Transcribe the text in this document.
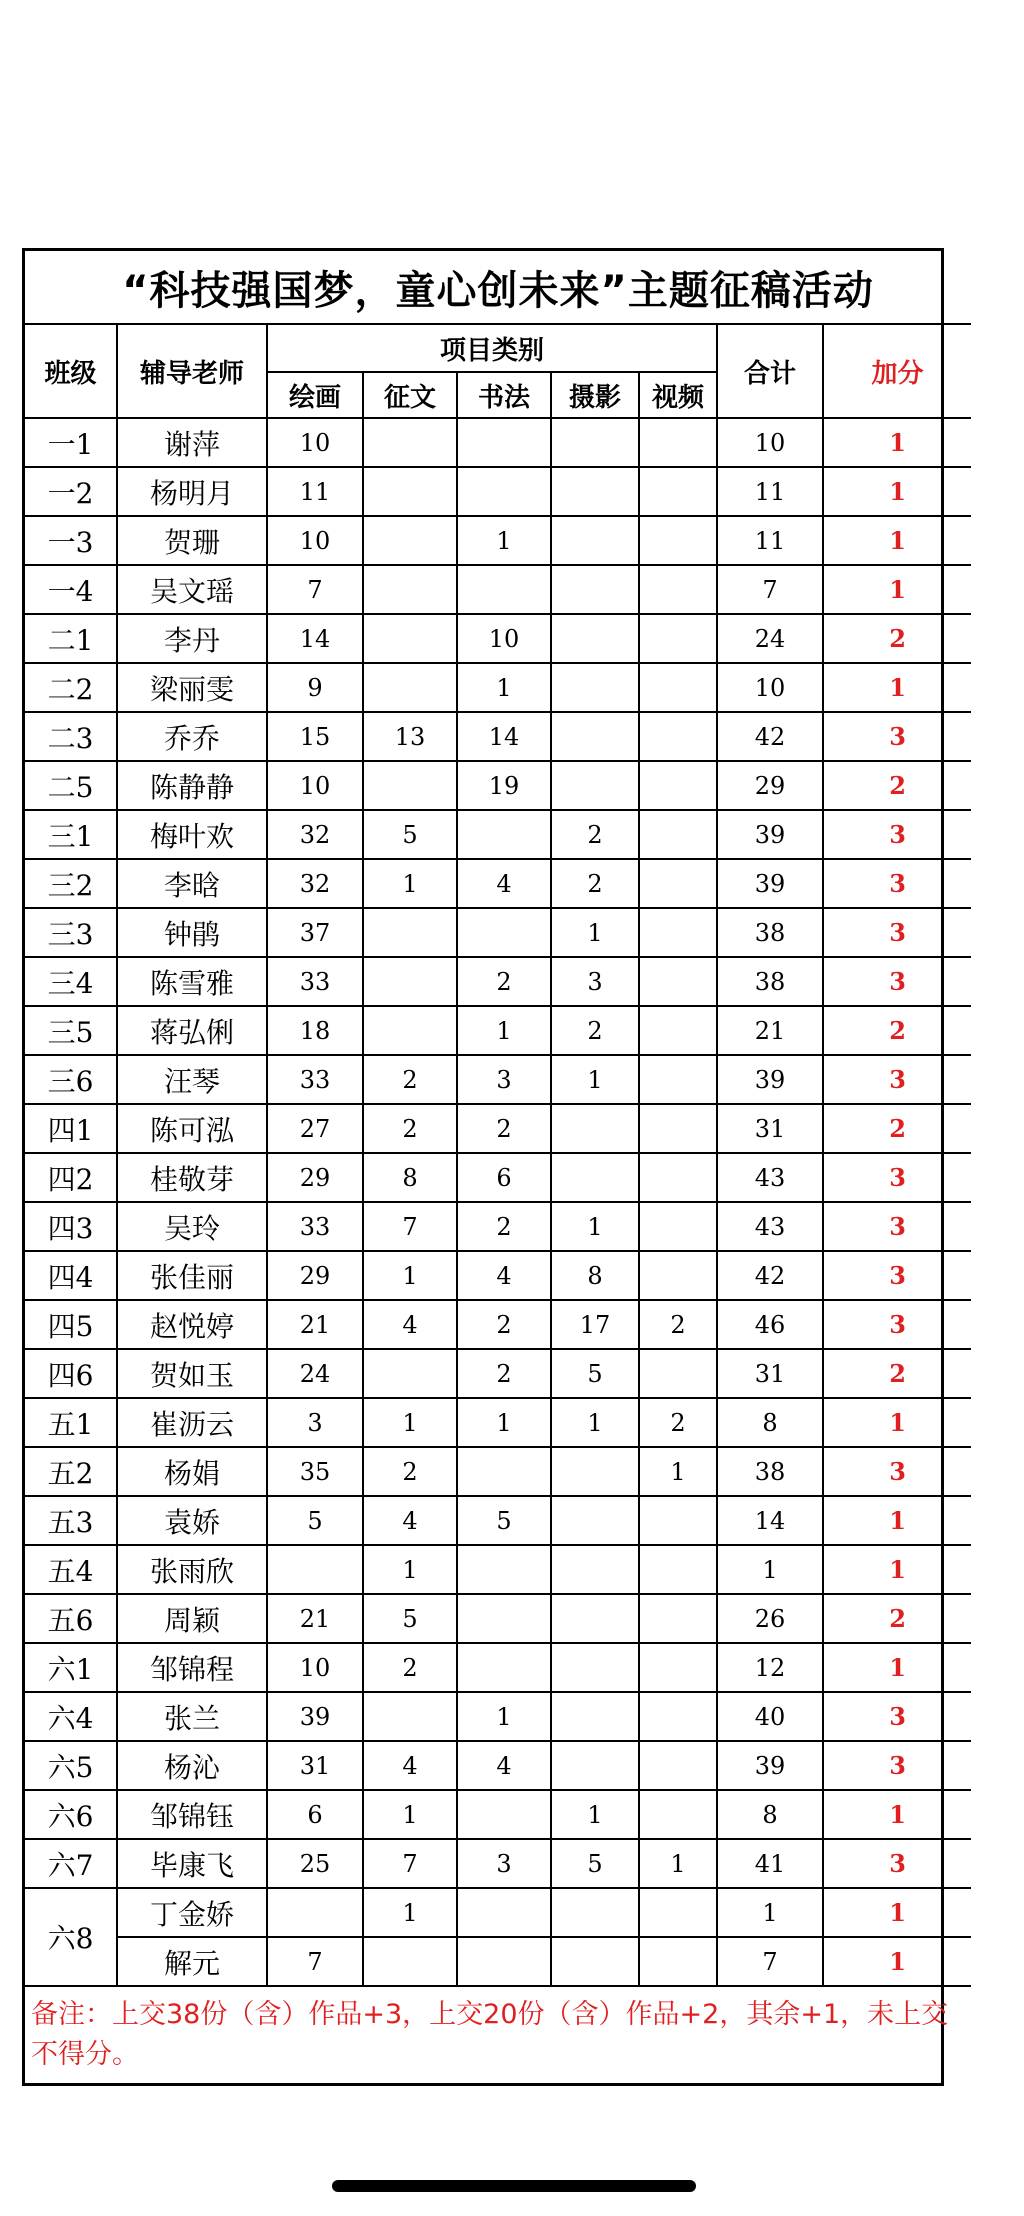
“科技强国梦，童心创未来”主题征稿活动								
班级	辅导老师	项目类别					合计	加分
		绘画	征文	书法	摄影	视频		
一1	谢萍	10					10	1
一2	杨明月	11					11	1
一3	贺珊	10		1			11	1
一4	吴文瑶	7					7	1
二1	李丹	14		10			24	2
二2	梁丽雯	9		1			10	1
二3	乔乔	15	13	14			42	3
二5	陈静静	10		19			29	2
三1	梅叶欢	32	5		2		39	3
三2	李晗	32	1	4	2		39	3
三3	钟鹃	37			1		38	3
三4	陈雪雅	33		2	3		38	3
三5	蒋弘俐	18		1	2		21	2
三6	汪琴	33	2	3	1		39	3
四1	陈可泓	27	2	2			31	2
四2	桂敬芽	29	8	6			43	3
四3	吴玲	33	7	2	1		43	3
四4	张佳丽	29	1	4	8		42	3
四5	赵悦婷	21	4	2	17	2	46	3
四6	贺如玉	24		2	5		31	2
五1	崔沥云	3	1	1	1	2	8	1
五2	杨娟	35	2			1	38	3
五3	袁娇	5	4	5			14	1
五4	张雨欣		1				1	1
五6	周颖	21	5				26	2
六1	邹锦程	10	2				12	1
六4	张兰	39		1			40	3
六5	杨沁	31	4	4			39	3
六6	邹锦钰	6	1		1		8	1
六7	毕康飞	25	7	3	5	1	41	3
六8	丁金娇		1				1	1
	解元	7					7	1
备注：上交38份（含）作品+3，上交20份（含）作品+2，其余+1，未上交不得分。								
